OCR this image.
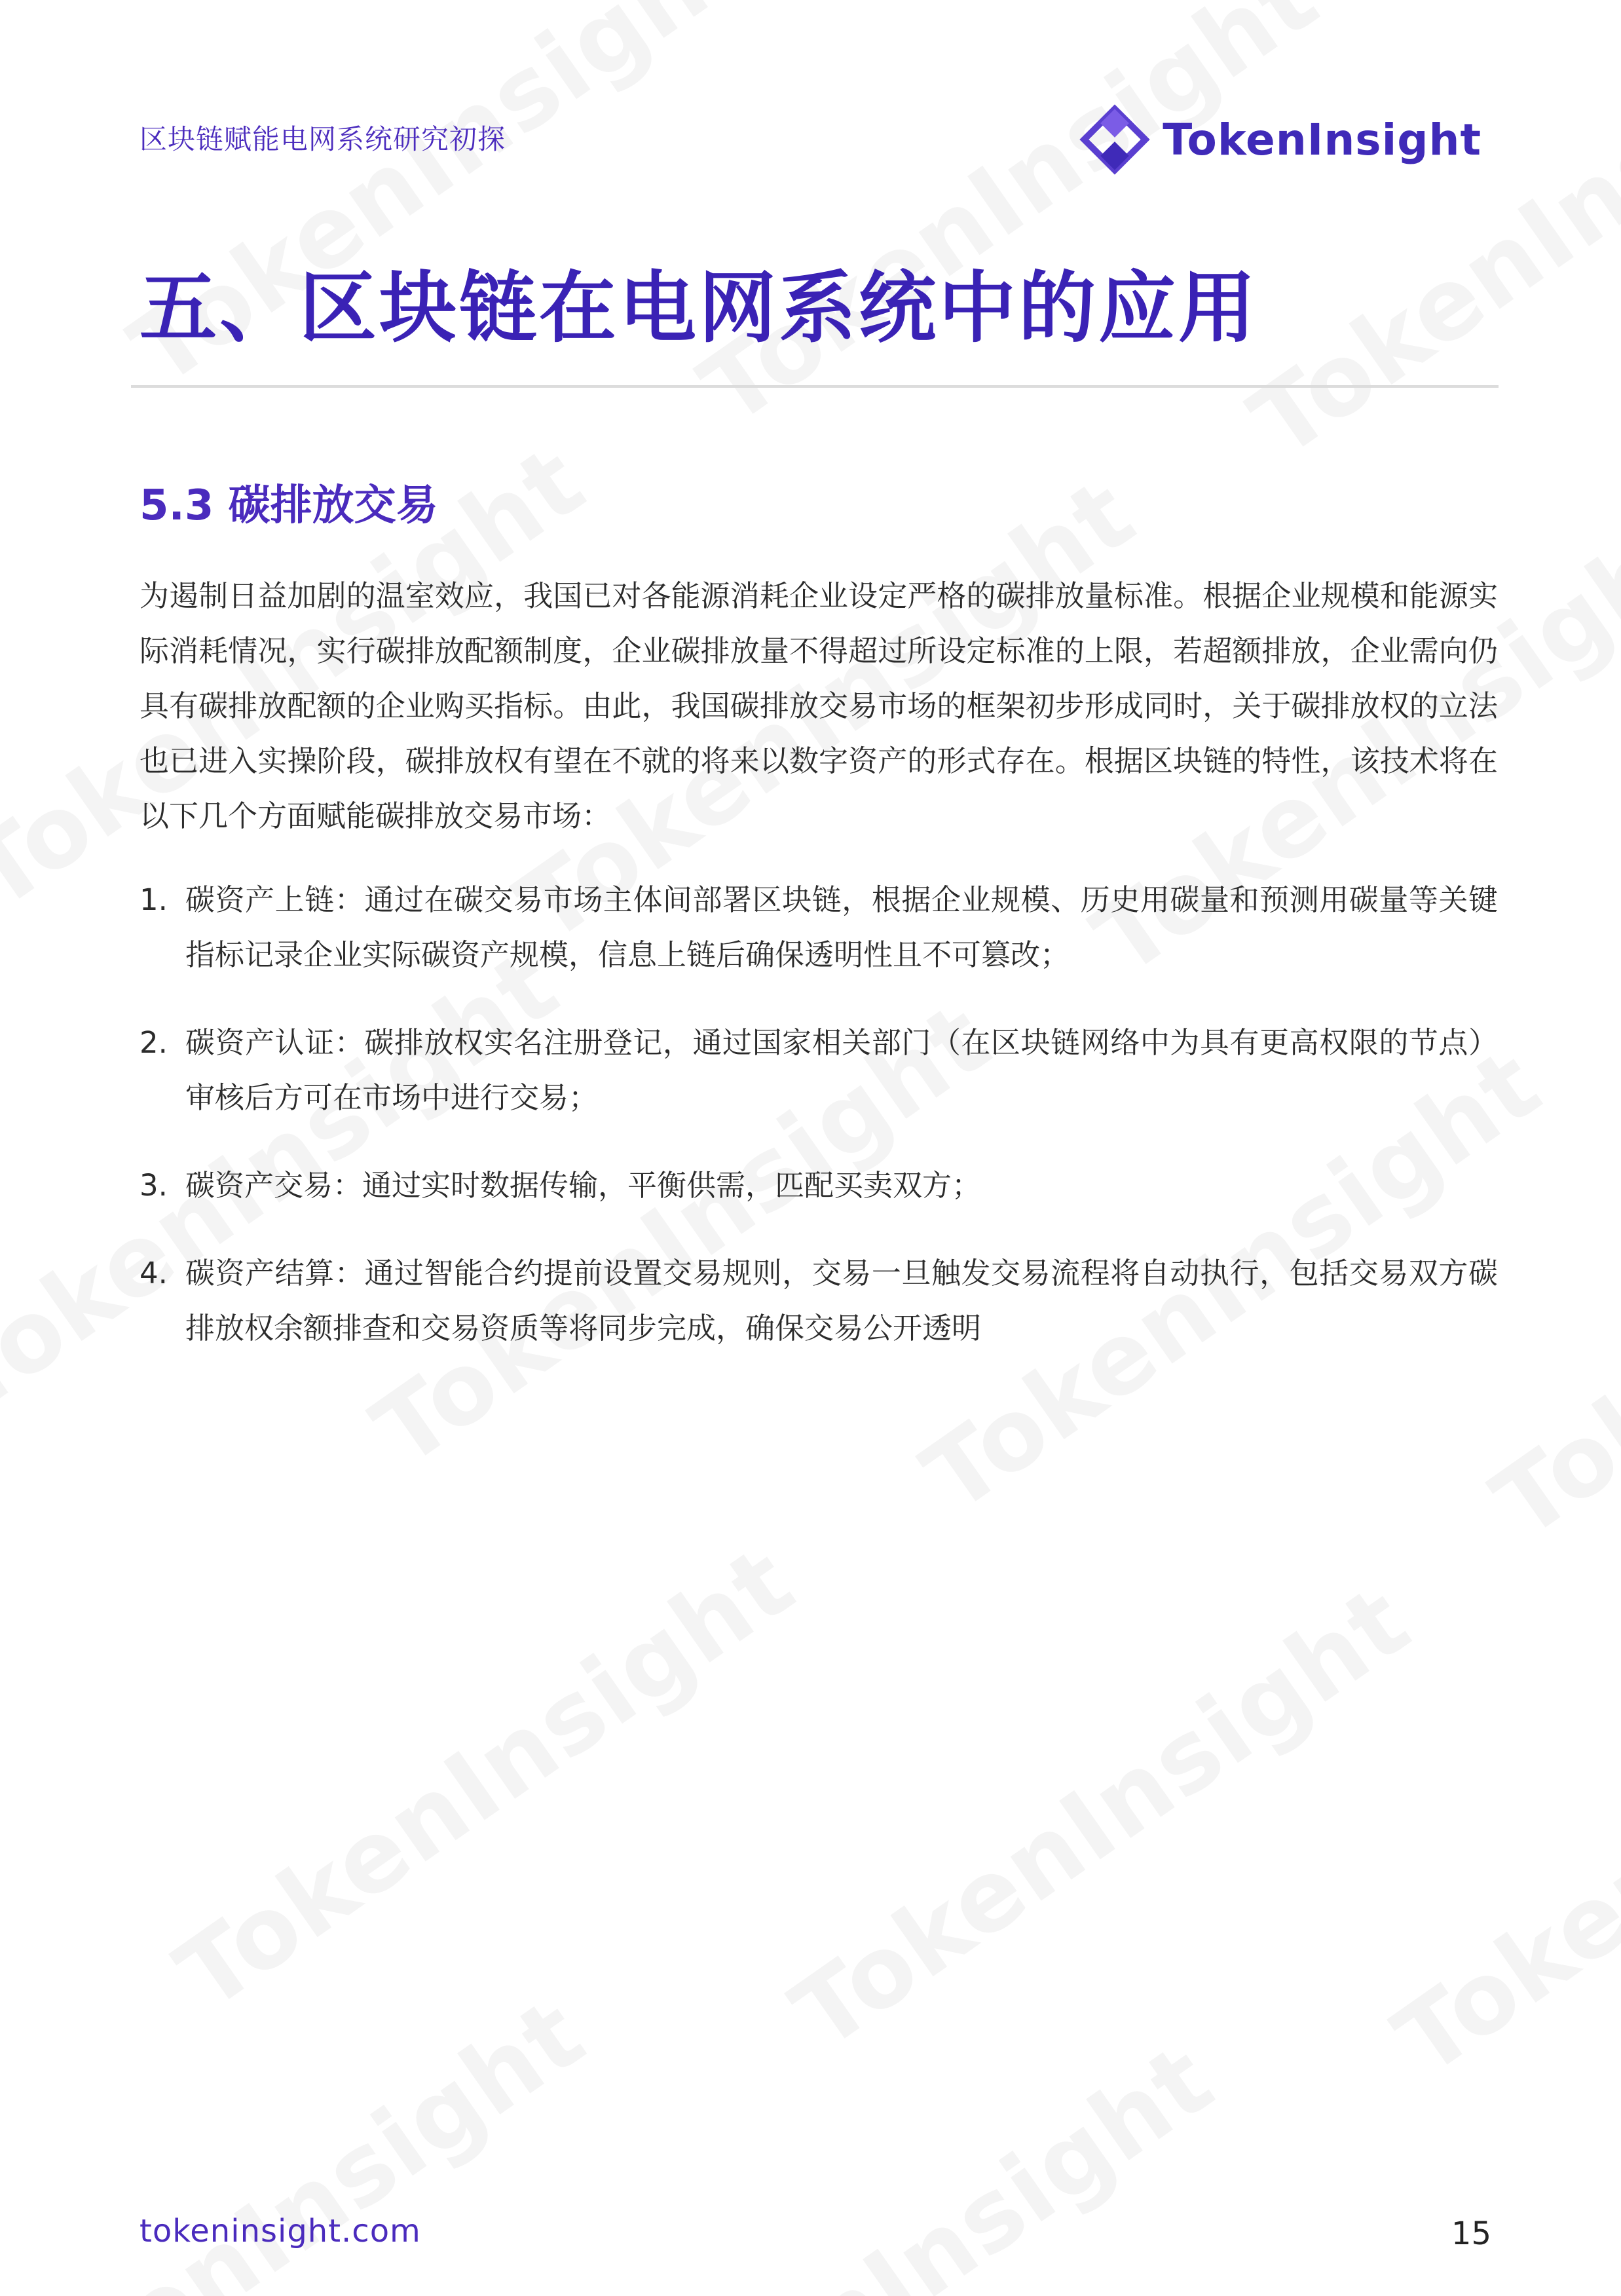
区块链赋能电网系统研究初探	TokenInsight
五、区块链在电网系统中的应用
5.3 碳排放交易

为遏制日益加剧的温室效应，我国已对各能源消耗企业设定严格的碳排放量标准。根据企业规模和能源实际消耗情况，实行碳排放配额制度，企业碳排放量不得超过所设定标准的上限，若超额排放，企业需向仍具有碳排放配额的企业购买指标。由此，我国碳排放交易市场的框架初步形成同时，关于碳排放权的立法也已进入实操阶段，碳排放权有望在不就的将来以数字资产的形式存在。根据区块链的特性，该技术将在以下几个方面赋能碳排放交易市场：

1. 碳资产上链：通过在碳交易市场主体间部署区块链，根据企业规模、历史用碳量和预测用碳量等关键指标记录企业实际碳资产规模，信息上链后确保透明性且不可篡改；
2. 碳资产认证：碳排放权实名注册登记，通过国家相关部门（在区块链网络中为具有更高权限的节点）审核后方可在市场中进行交易；
3. 碳资产交易：通过实时数据传输，平衡供需，匹配买卖双方；
4. 碳资产结算：通过智能合约提前设置交易规则，交易一旦触发交易流程将自动执行，包括交易双方碳排放权余额排查和交易资质等将同步完成，确保交易公开透明
tokeninsight.com	15
